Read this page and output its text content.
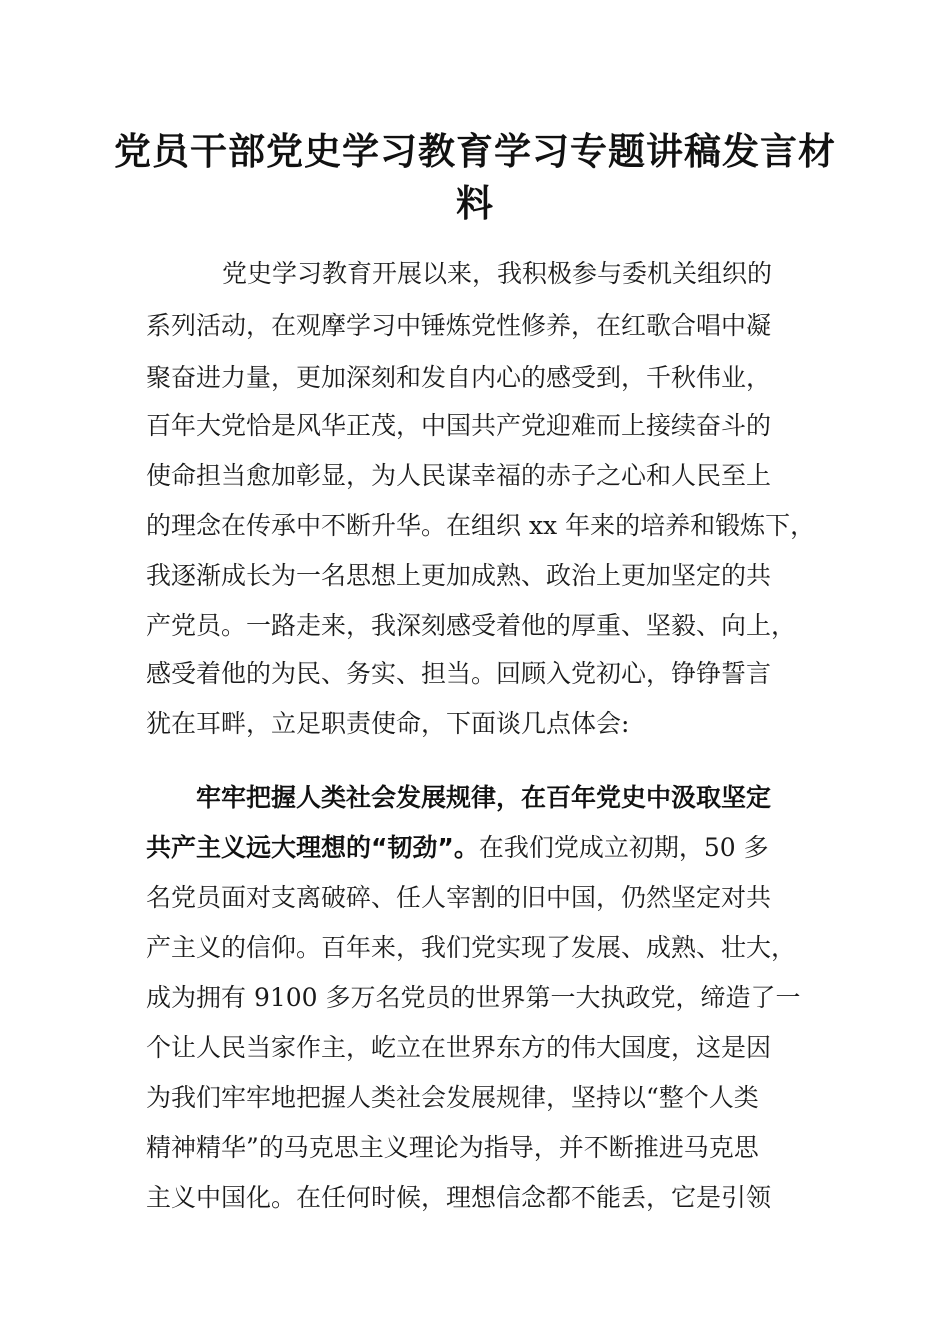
党员干部党史学习教育学习专题讲稿发言材料

党史学习教育开展以来，我积极参与委机关组织的

系列活动，在观摩学习中锤炼党性修养，在红歌合唱中凝

聚奋进力量，更加深刻和发自内心的感受到，千秋伟业，

百年大党恰是风华正茂，中国共产党迎难而上接续奋斗的

使命担当愈加彰显，为人民谋幸福的赤子之心和人民至上

的理念在传承中不断升华。在组织 xx 年来的培养和锻炼下，

我逐渐成长为一名思想上更加成熟、政治上更加坚定的共

产党员。一路走来，我深刻感受着他的厚重、坚毅、向上，

感受着他的为民、务实、担当。回顾入党初心，铮铮誓言

犹在耳畔，立足职责使命，下面谈几点体会:

牢牢把握人类社会发展规律，在百年党史中汲取坚定

共产主义远大理想的“韧劲”。在我们党成立初期，50 多

名党员面对支离破碎、任人宰割的旧中国，仍然坚定对共

产主义的信仰。百年来，我们党实现了发展、成熟、壮大，

成为拥有 9100 多万名党员的世界第一大执政党，缔造了一

个让人民当家作主，屹立在世界东方的伟大国度，这是因

为我们牢牢地把握人类社会发展规律，坚持以“整个人类

精神精华”的马克思主义理论为指导，并不断推进马克思

主义中国化。在任何时候，理想信念都不能丢，它是引领
